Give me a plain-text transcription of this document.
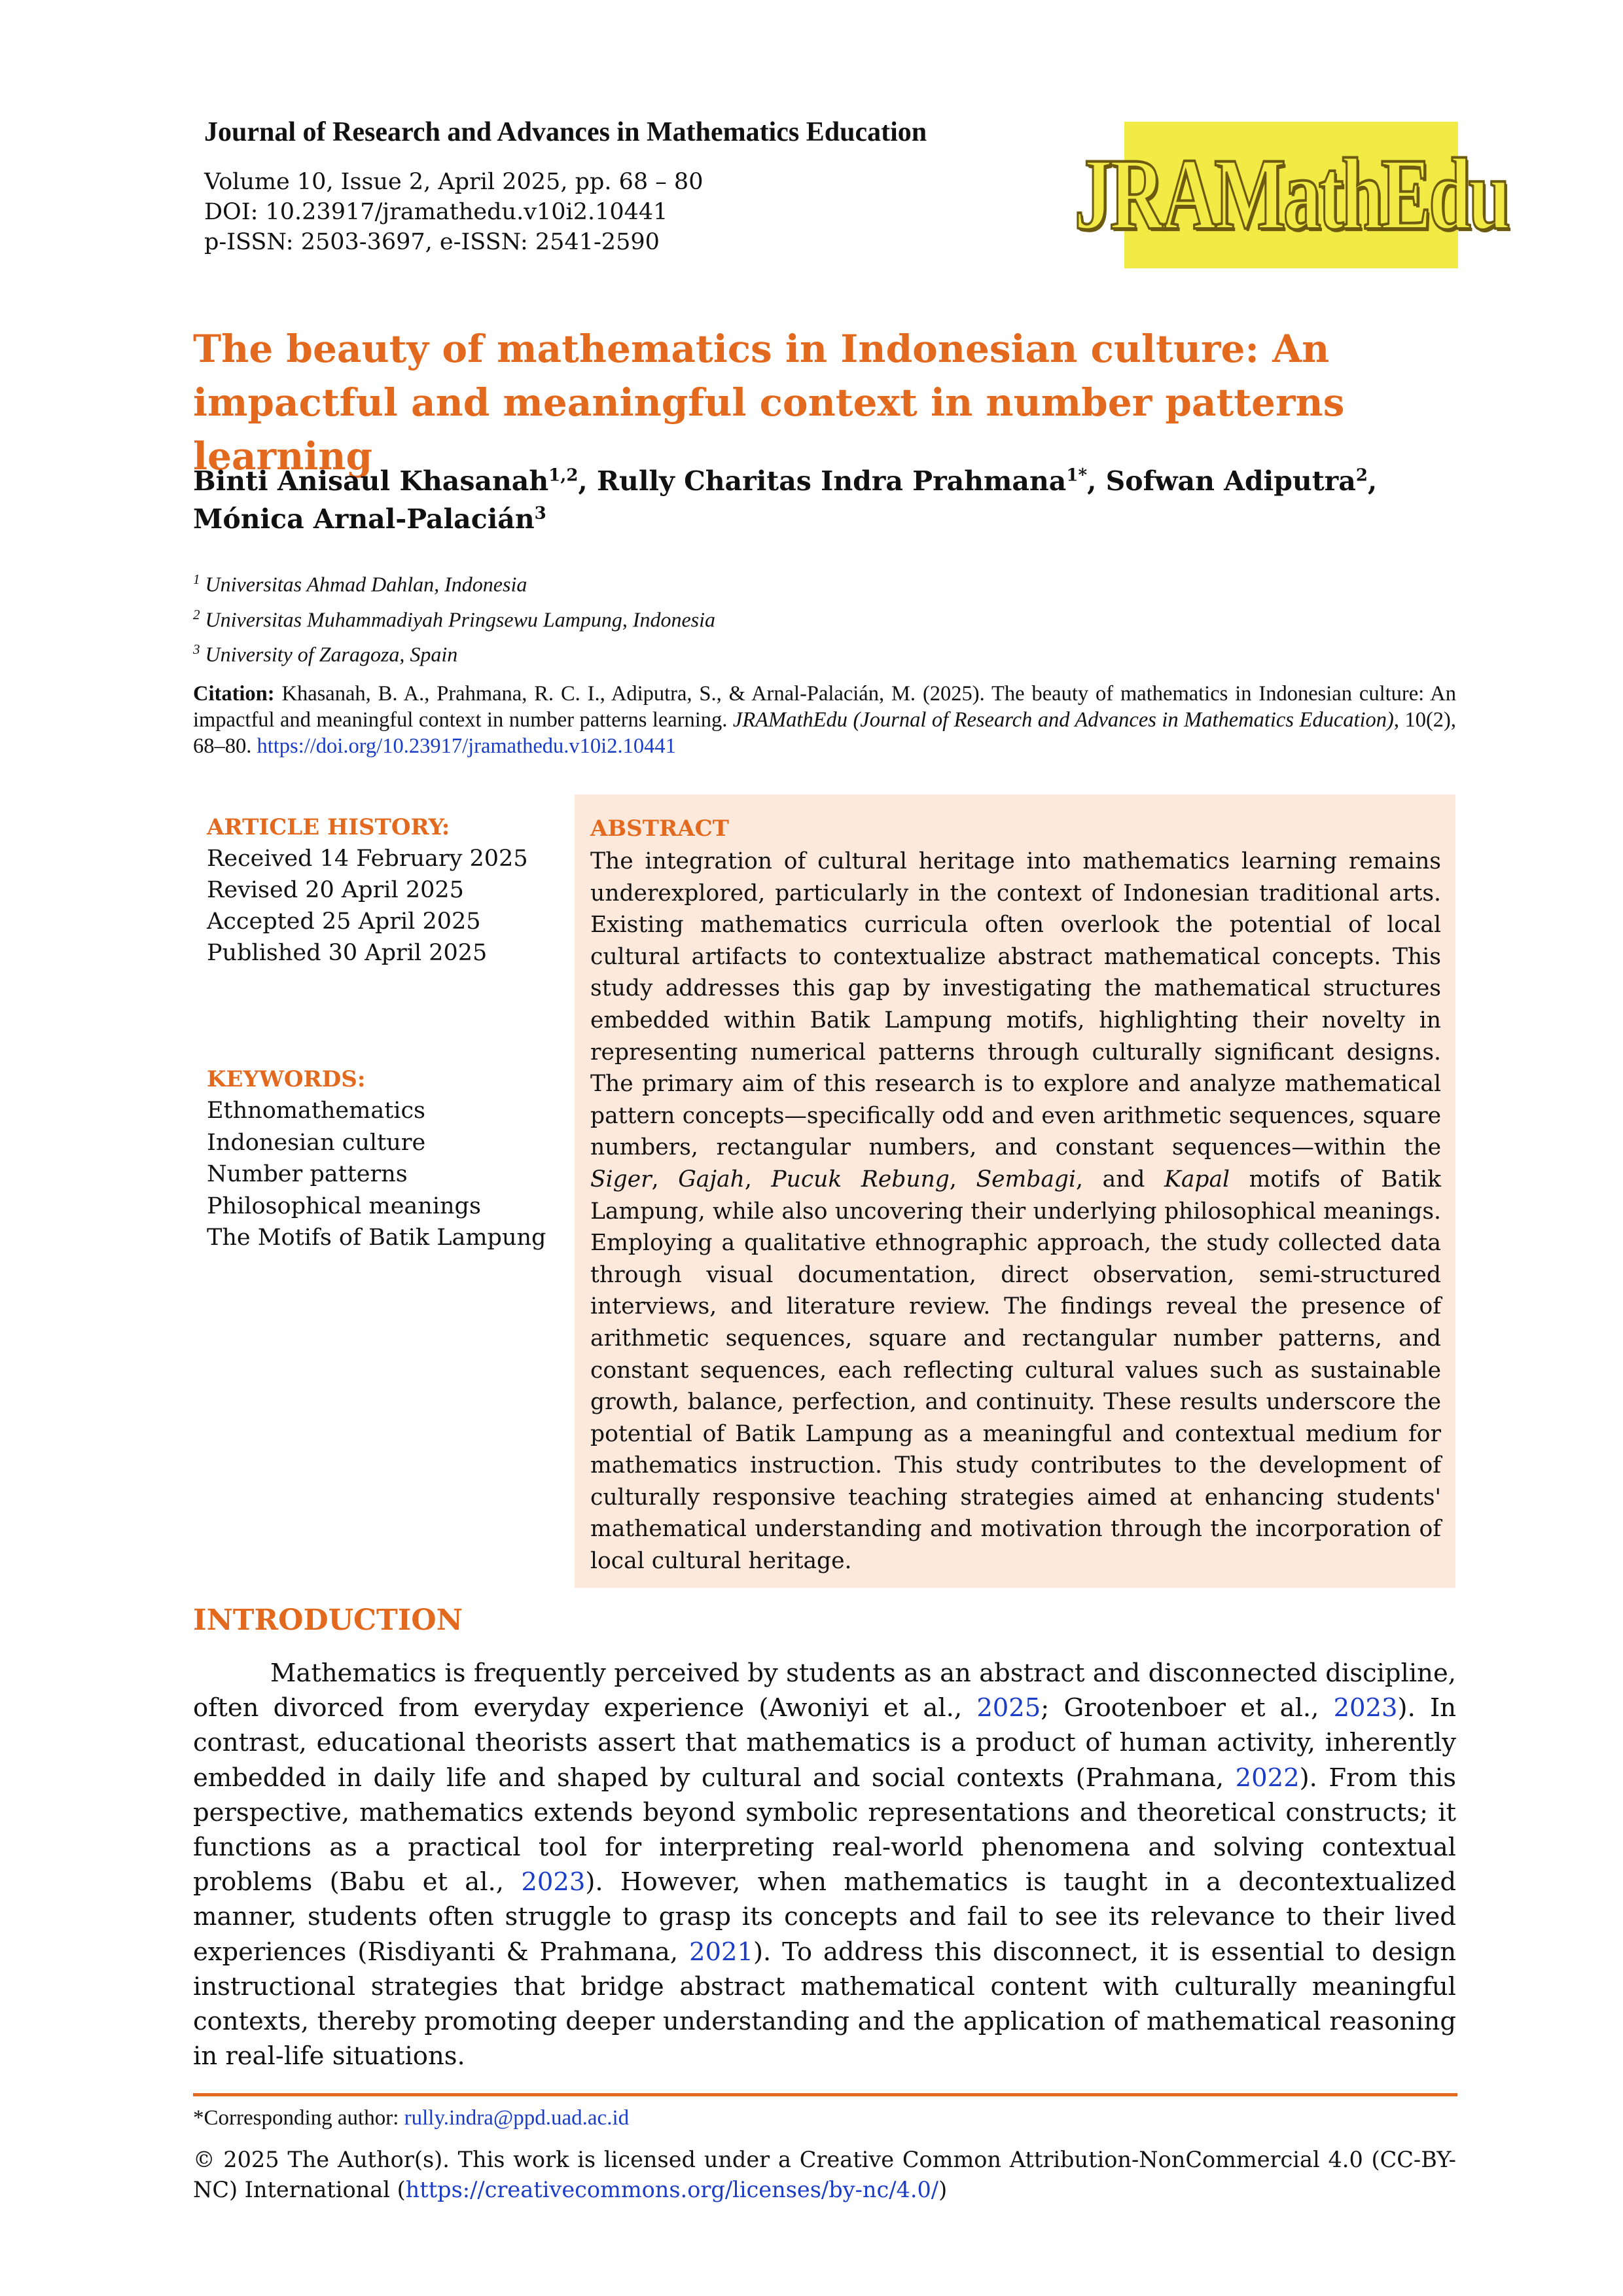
Journal of Research and Advances in Mathematics Education
Volume 10, Issue 2, April 2025, pp. 68 – 80
DOI: 10.23917/jramathedu.v10i2.10441
p-ISSN: 2503-3697, e-ISSN: 2541-2590	JRAMathEdu
The beauty of mathematics in Indonesian culture: An impactful and meaningful context in number patterns learning
Binti Anisaul Khasanah$^{1,2}$, Rully Charitas Indra Prahmana$^{1*}$, Sofwan Adiputra$^2$,
Mónica Arnal-Palacián$^3$
$^1$ Universitas Ahmad Dahlan, Indonesia
$^2$ Universitas Muhammadiyah Pringsewu Lampung, Indonesia
$^3$ University of Zaragoza, Spain
Citation: Khasanah, B. A., Prahmana, R. C. I., Adiputra, S., & Arnal-Palacián, M. (2025). The beauty of mathematics in Indonesian culture: An impactful and meaningful context in number patterns learning. JRAMathEdu (Journal of Research and Advances in Mathematics Education), 10(2), 68–80. https://doi.org/10.23917/jramathedu.v10i2.10441
ARTICLE HISTORY:
Received 14 February 2025
Revised 20 April 2025
Accepted 25 April 2025
Published 30 April 2025
KEYWORDS:
Ethnomathematics
Indonesian culture
Number patterns
Philosophical meanings
The Motifs of Batik Lampung
ABSTRACT
The integration of cultural heritage into mathematics learning remains underexplored, particularly in the context of Indonesian traditional arts. Existing mathematics curricula often overlook the potential of local cultural artifacts to contextualize abstract mathematical concepts. This study addresses this gap by investigating the mathematical structures embedded within Batik Lampung motifs, highlighting their novelty in representing numerical patterns through culturally significant designs. The primary aim of this research is to explore and analyze mathematical pattern concepts—specifically odd and even arithmetic sequences, square numbers, rectangular numbers, and constant sequences—within the Siger, Gajah, Pucuk Rebung, Sembagi, and Kapal motifs of Batik Lampung, while also uncovering their underlying philosophical meanings. Employing a qualitative ethnographic approach, the study collected data through visual documentation, direct observation, semi-structured interviews, and literature review. The findings reveal the presence of arithmetic sequences, square and rectangular number patterns, and constant sequences, each reflecting cultural values such as sustainable growth, balance, perfection, and continuity. These results underscore the potential of Batik Lampung as a meaningful and contextual medium for mathematics instruction. This study contributes to the development of culturally responsive teaching strategies aimed at enhancing students' mathematical understanding and motivation through the incorporation of local cultural heritage.
INTRODUCTION
Mathematics is frequently perceived by students as an abstract and disconnected discipline, often divorced from everyday experience (Awoniyi et al., 2025; Grootenboer et al., 2023). In contrast, educational theorists assert that mathematics is a product of human activity, inherently embedded in daily life and shaped by cultural and social contexts (Prahmana, 2022). From this perspective, mathematics extends beyond symbolic representations and theoretical constructs; it functions as a practical tool for interpreting real-world phenomena and solving contextual problems (Babu et al., 2023). However, when mathematics is taught in a decontextualized manner, students often struggle to grasp its concepts and fail to see its relevance to their lived experiences (Risdiyanti & Prahmana, 2021). To address this disconnect, it is essential to design instructional strategies that bridge abstract mathematical content with culturally meaningful contexts, thereby promoting deeper understanding and the application of mathematical reasoning in real-life situations.
*Corresponding author: rully.indra@ppd.uad.ac.id
© 2025 The Author(s). This work is licensed under a Creative Common Attribution-NonCommercial 4.0 (CC-BY-NC) International (https://creativecommons.org/licenses/by-nc/4.0/)
